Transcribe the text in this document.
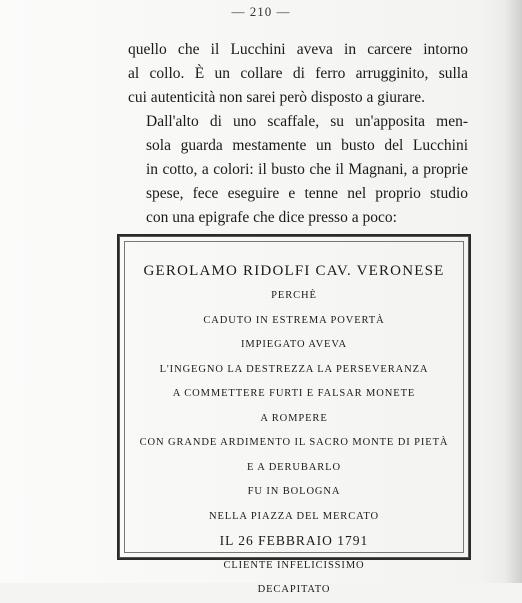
— 210 —

quello che il Lucchini aveva in carcere intorno
al collo. È un collare di ferro arrugginito, sulla
cui autenticità non sarei però disposto a giurare.

Dall'alto di uno scaffale, su un'apposita men-
sola guarda mestamente un busto del Lucchini
in cotto, a colori: il busto che il Magnani, a proprie
spese, fece eseguire e tenne nel proprio studio
con una epigrafe che dice presso a poco:

GEROLAMO RIDOLFI CAV. VERONESE
PERCHÈ
CADUTO IN ESTREMA POVERTÀ
IMPIEGATO AVEVA
L'INGEGNO LA DESTREZZA LA PERSEVERANZA
A COMMETTERE FURTI E FALSAR MONETE
A ROMPERE
CON GRANDE ARDIMENTO IL SACRO MONTE DI PIETÀ
E A DERUBARLO
FU IN BOLOGNA
NELLA PIAZZA DEL MERCATO
IL 26 FEBBRAIO 1791
CLIENTE INFELICISSIMO
DECAPITATO
